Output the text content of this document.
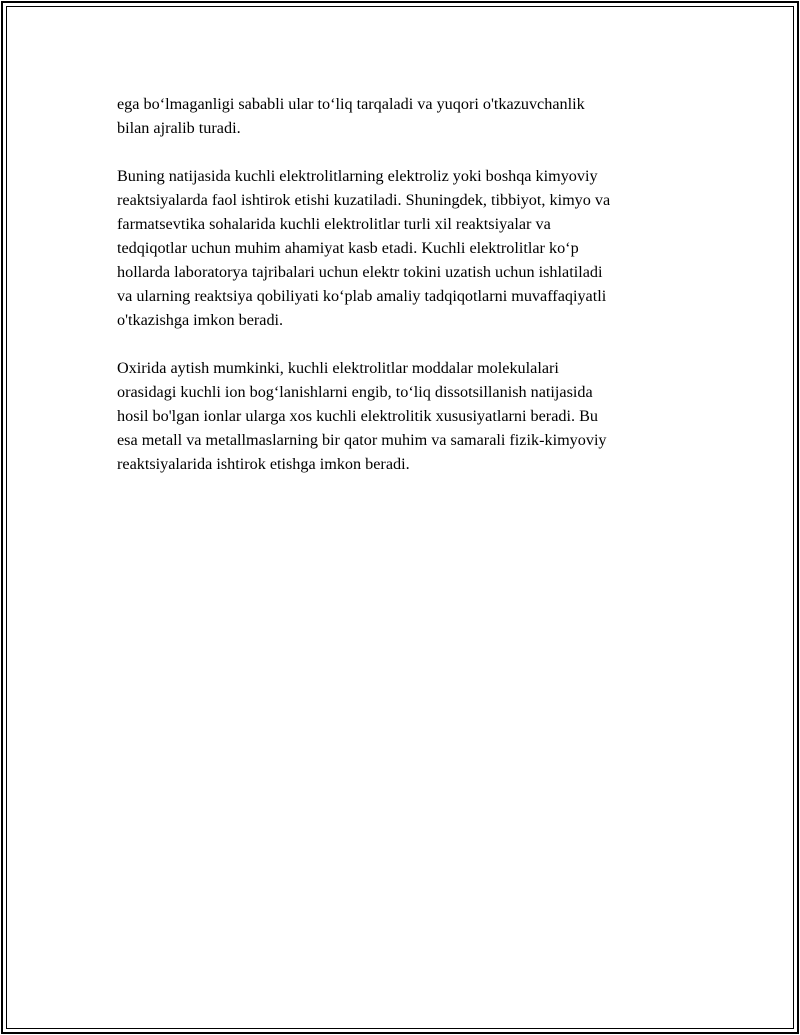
ega bo‘lmaganligi sababli ular to‘liq tarqaladi va yuqori o'tkazuvchanlik
bilan ajralib turadi.

Buning natijasida kuchli elektrolitlarning elektroliz yoki boshqa kimyoviy
reaktsiyalarda faol ishtirok etishi kuzatiladi. Shuningdek, tibbiyot, kimyo va
farmatsevtika sohalarida kuchli elektrolitlar turli xil reaktsiyalar va
tedqiqotlar uchun muhim ahamiyat kasb etadi. Kuchli elektrolitlar ko‘p
hollarda laboratorya tajribalari uchun elektr tokini uzatish uchun ishlatiladi
va ularning reaktsiya qobiliyati ko‘plab amaliy tadqiqotlarni muvaffaqiyatli
o'tkazishga imkon beradi.

Oxirida aytish mumkinki, kuchli elektrolitlar moddalar molekulalari
orasidagi kuchli ion bog‘lanishlarni engib, to‘liq dissotsillanish natijasida
hosil bo'lgan ionlar ularga xos kuchli elektrolitik xususiyatlarni beradi. Bu
esa metall va metallmaslarning bir qator muhim va samarali fizik-kimyoviy
reaktsiyalarida ishtirok etishga imkon beradi.
